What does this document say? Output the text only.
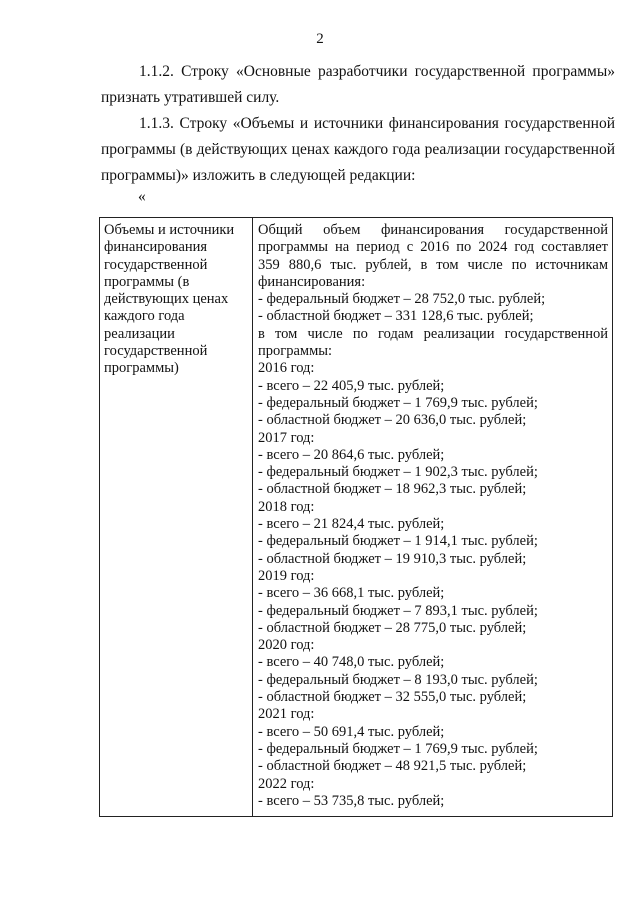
2

1.1.2. Строку «Основные разработчики государственной программы» признать утратившей силу.

1.1.3. Строку «Объемы и источники финансирования государственной программы (в действующих ценах каждого года реализации государственной программы)» изложить в следующей редакции:

«
Объемы и источники
финансирования
государственной
программы (в
действующих ценах
каждого года
реализации
государственной
программы)
Общий объем финансирования государственной
программы на период с 2016 по 2024 год составляет
359 880,6 тыс. рублей, в том числе по источникам
финансирования:
- федеральный бюджет – 28 752,0 тыс. рублей;
- областной бюджет – 331 128,6 тыс. рублей;
в том числе по годам реализации государственной
программы:
2016 год:
- всего – 22 405,9 тыс. рублей;
- федеральный бюджет – 1 769,9 тыс. рублей;
- областной бюджет – 20 636,0 тыс. рублей;
2017 год:
- всего – 20 864,6 тыс. рублей;
- федеральный бюджет – 1 902,3 тыс. рублей;
- областной бюджет – 18 962,3 тыс. рублей;
2018 год:
- всего – 21 824,4 тыс. рублей;
- федеральный бюджет – 1 914,1 тыс. рублей;
- областной бюджет – 19 910,3 тыс. рублей;
2019 год:
- всего – 36 668,1 тыс. рублей;
- федеральный бюджет – 7 893,1 тыс. рублей;
- областной бюджет – 28 775,0 тыс. рублей;
2020 год:
- всего – 40 748,0 тыс. рублей;
- федеральный бюджет – 8 193,0 тыс. рублей;
- областной бюджет – 32 555,0 тыс. рублей;
2021 год:
- всего – 50 691,4 тыс. рублей;
- федеральный бюджет – 1 769,9 тыс. рублей;
- областной бюджет – 48 921,5 тыс. рублей;
2022 год:
- всего – 53 735,8 тыс. рублей;
